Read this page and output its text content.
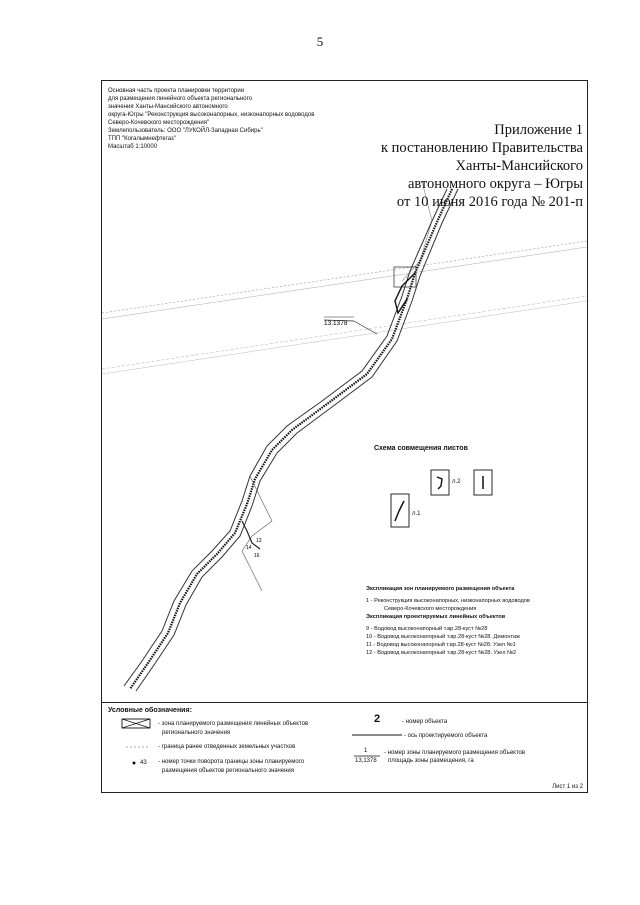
5
13.1378
13
14
16
Основная часть проекта планировки территории
для размещения линейного объекта регионального
значения Ханты-Мансийского автономного
округа-Югры "Реконструкция высоконапорных, низконапорных водоводов
Северо-Кочевского месторождения"
Землепользователь: ООО "ЛУКОЙЛ-Западная Сибирь"
ТПП "Когалымнефтегаз"
Масштаб 1:10000
Приложение 1
к постановлению Правительства
Ханты-Мансийского
автономного округа – Югры
от 10 июня 2016 года № 201-п
Схема совмещения листов
л.2
л.1
Экспликация зон планируемого размещения объекта
1 - Реконструкция высоконапорных, низконапорных водоводов
Северо-Кочевского месторождения
Экспликация проектируемых линейных объектов
9 - Водовод высоконапорный т.вр.28-куст №28
10 - Водовод высоконапорный т.вр.28-куст №28. Демонтаж
11 - Водовод высоконапорный т.вр.28-куст №28. Узел №1
12 - Водовод высоконапорный т.вр.28-куст №28. Узел №2
Условные обозначения:
- зона планируемого размещения линейных объектов
регионального значения
- граница ранее отведенных земельных участков
43 - номер точки поворота границы зоны планируемого
размещения объектов регионального значения
2	- номер объекта
- ось проектируемого объекта
1
13,1378
- номер зоны планируемого размещения объектов
площадь зоны размещения, га
Лист 1 из 2
